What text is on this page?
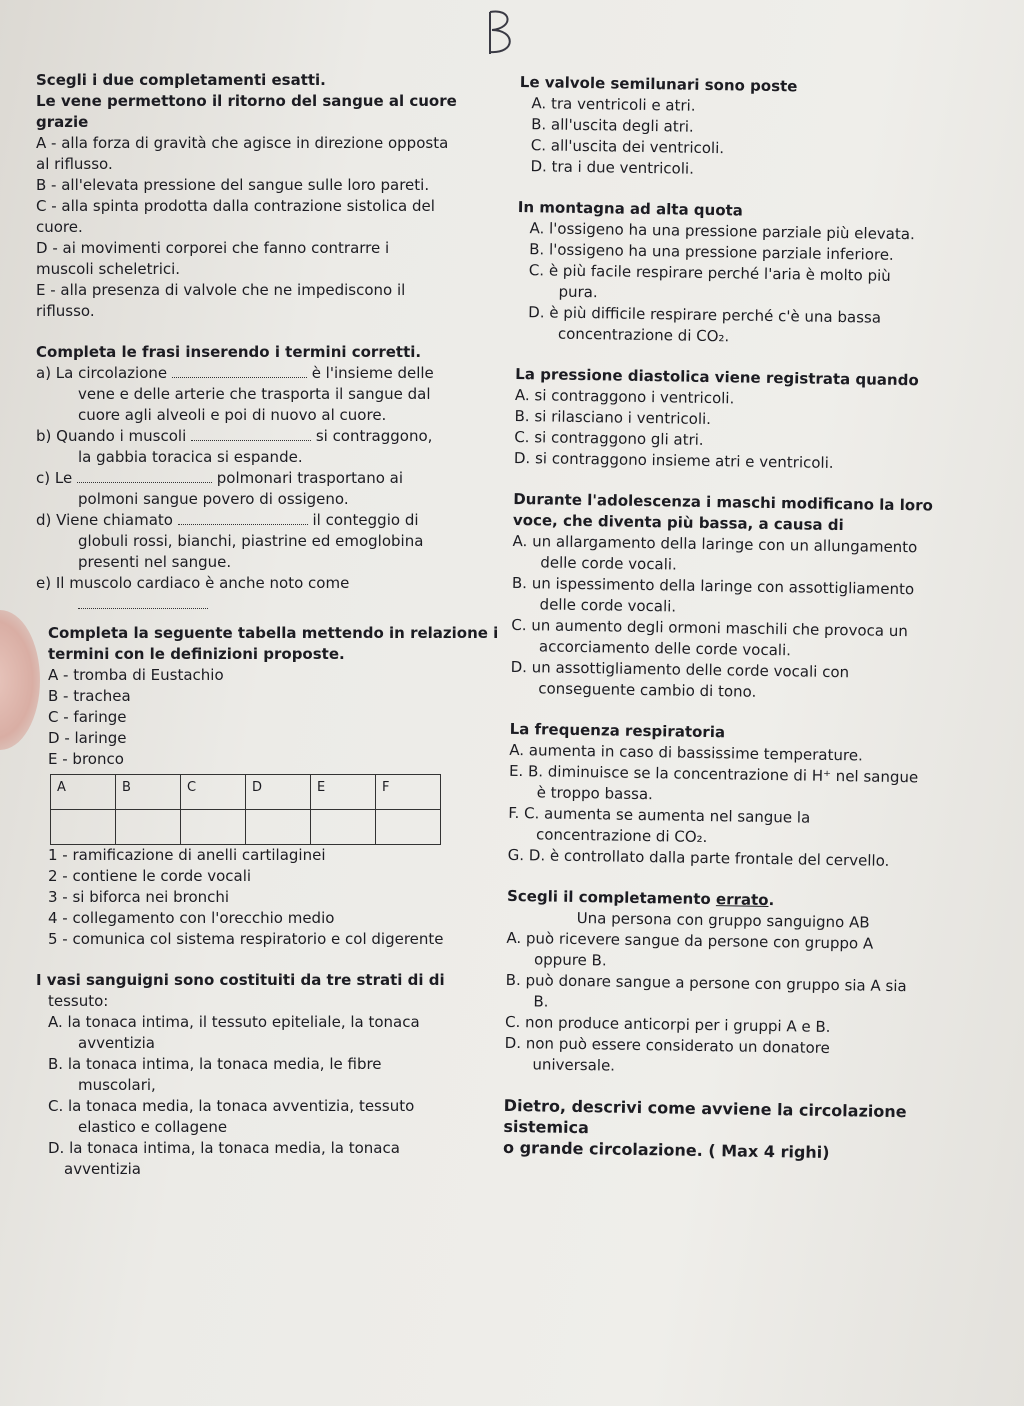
Scegli i due completamenti esatti.

Le vene permettono il ritorno del sangue al cuore

grazie

A - alla forza di gravità che agisce in direzione opposta

al riflusso.

B - all'elevata pressione del sangue sulle loro pareti.

C - alla spinta prodotta dalla contrazione sistolica del

cuore.

D - ai movimenti corporei che fanno contrarre i

muscoli scheletrici.

E - alla presenza di valvole che ne impediscono il

riflusso.

Completa le frasi inserendo i termini corretti.

a) La circolazione	è l'insieme delle

vene e delle arterie che trasporta il sangue dal

cuore agli alveoli e poi di nuovo al cuore.

b) Quando i muscoli	si contraggono,

la gabbia toracica si espande.

c) Le	polmonari trasportano ai

polmoni sangue povero di ossigeno.

d) Viene chiamato	il conteggio di

globuli rossi, bianchi, piastrine ed emoglobina

presenti nel sangue.

e) Il muscolo cardiaco è anche noto come

Completa la seguente tabella mettendo in relazione i

termini con le definizioni proposte.

A - tromba di Eustachio

B - trachea

C - faringe

D - laringe

E - bronco

A	B	C	D	E	F

1 - ramificazione di anelli cartilaginei

2 - contiene le corde vocali

3 - si biforca nei bronchi

4 - collegamento con l'orecchio medio

5 - comunica col sistema respiratorio e col digerente

I vasi sanguigni sono costituiti da tre strati di di

tessuto:

A. la tonaca intima, il tessuto epiteliale, la tonaca

avventizia

B. la tonaca intima, la tonaca media, le fibre

muscolari,

C. la tonaca media, la tonaca avventizia, tessuto

elastico e collagene

D. la tonaca intima, la tonaca media, la tonaca

avventizia

Le valvole semilunari sono poste

A. tra ventricoli e atri.

B. all'uscita degli atri.

C. all'uscita dei ventricoli.

D. tra i due ventricoli.

In montagna ad alta quota

A. l'ossigeno ha una pressione parziale più elevata.

B. l'ossigeno ha una pressione parziale inferiore.

C. è più facile respirare perché l'aria è molto più

pura.

D. è più difficile respirare perché c'è una bassa

concentrazione di CO₂.

La pressione diastolica viene registrata quando

A. si contraggono i ventricoli.

B. si rilasciano i ventricoli.

C. si contraggono gli atri.

D. si contraggono insieme atri e ventricoli.

Durante l'adolescenza i maschi modificano la loro

voce, che diventa più bassa, a causa di

A. un allargamento della laringe con un allungamento

delle corde vocali.

B. un ispessimento della laringe con assottigliamento

delle corde vocali.

C. un aumento degli ormoni maschili che provoca un

accorciamento delle corde vocali.

D. un assottigliamento delle corde vocali con

conseguente cambio di tono.

La frequenza respiratoria

A. aumenta in caso di bassissime temperature.

E. B. diminuisce se la concentrazione di H⁺ nel sangue

è troppo bassa.

F. C. aumenta se aumenta nel sangue la

concentrazione di CO₂.

G. D. è controllato dalla parte frontale del cervello.

Scegli il completamento errato.

Una persona con gruppo sanguigno AB

A. può ricevere sangue da persone con gruppo A

oppure B.

B. può donare sangue a persone con gruppo sia A sia

B.

C. non produce anticorpi per i gruppi A e B.

D. non può essere considerato un donatore

universale.

Dietro, descrivi come avviene la circolazione sistemica

o grande circolazione. ( Max 4 righi)
